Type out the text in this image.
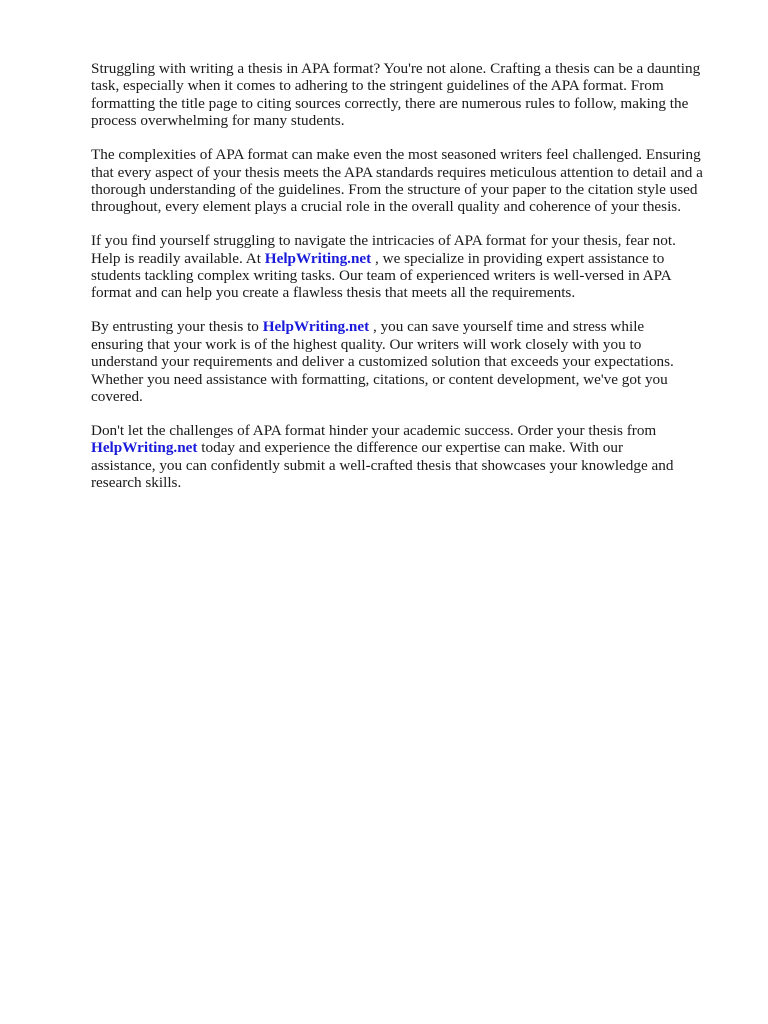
Struggling with writing a thesis in APA format? You're not alone. Crafting a thesis can be a daunting
task, especially when it comes to adhering to the stringent guidelines of the APA format. From
formatting the title page to citing sources correctly, there are numerous rules to follow, making the
process overwhelming for many students.

The complexities of APA format can make even the most seasoned writers feel challenged. Ensuring
that every aspect of your thesis meets the APA standards requires meticulous attention to detail and a
thorough understanding of the guidelines. From the structure of your paper to the citation style used
throughout, every element plays a crucial role in the overall quality and coherence of your thesis.

If you find yourself struggling to navigate the intricacies of APA format for your thesis, fear not.
Help is readily available. At HelpWriting.net , we specialize in providing expert assistance to
students tackling complex writing tasks. Our team of experienced writers is well-versed in APA
format and can help you create a flawless thesis that meets all the requirements.

By entrusting your thesis to HelpWriting.net , you can save yourself time and stress while
ensuring that your work is of the highest quality. Our writers will work closely with you to
understand your requirements and deliver a customized solution that exceeds your expectations.
Whether you need assistance with formatting, citations, or content development, we've got you
covered.

Don't let the challenges of APA format hinder your academic success. Order your thesis from
HelpWriting.net today and experience the difference our expertise can make. With our
assistance, you can confidently submit a well-crafted thesis that showcases your knowledge and
research skills.
